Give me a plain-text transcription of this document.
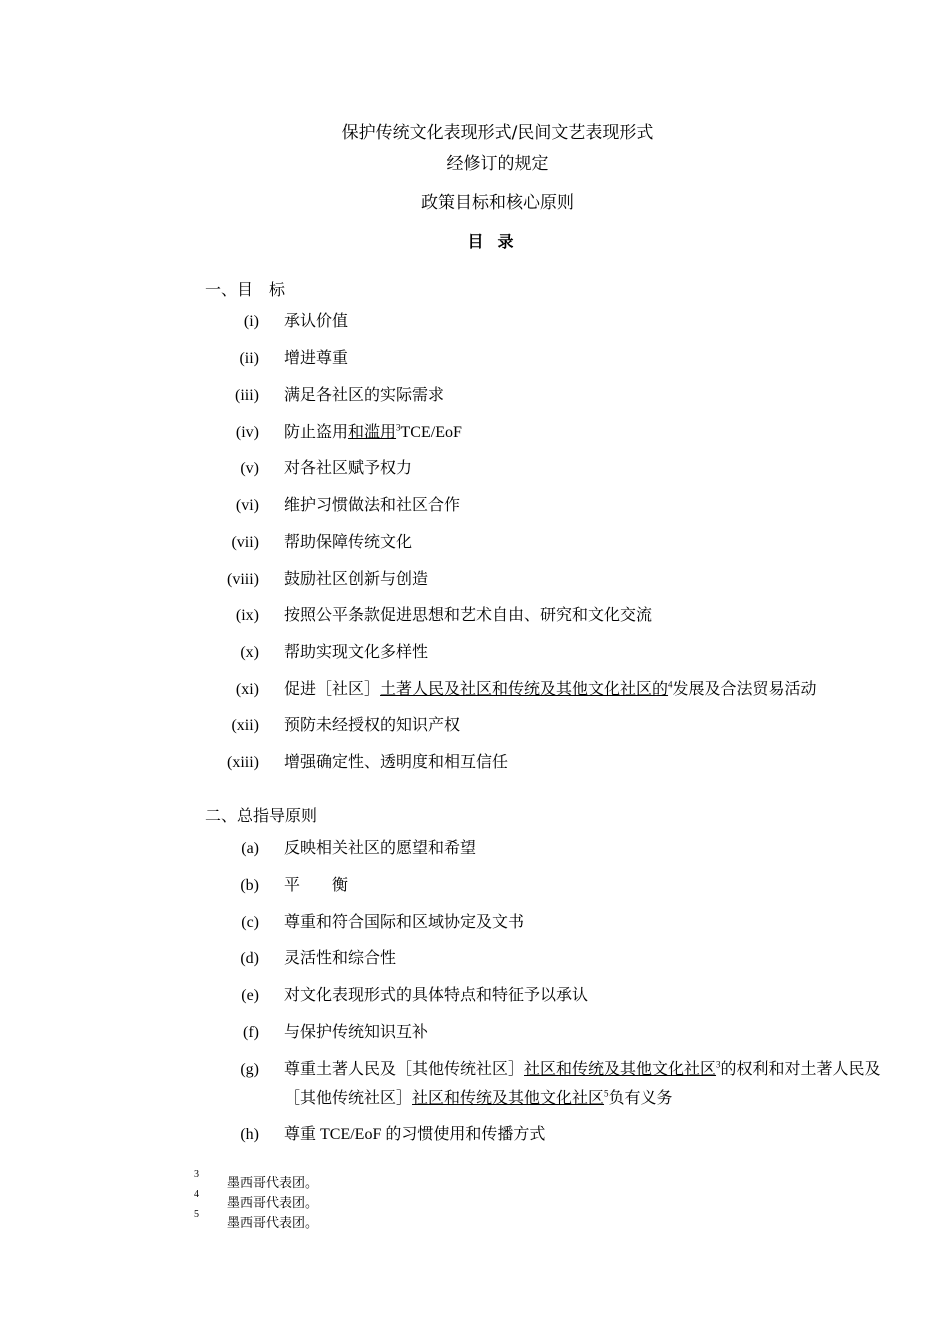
保护传统文化表现形式/民间文艺表现形式
经修订的规定
政策目标和核心原则
目录
一、目　标
(i) 承认价值
(ii) 增进尊重
(iii) 满足各社区的实际需求
(iv) 防止盗用和滥用$^3$TCE/EoF
(v) 对各社区赋予权力
(vi) 维护习惯做法和社区合作
(vii) 帮助保障传统文化
(viii) 鼓励社区创新与创造
(ix) 按照公平条款促进思想和艺术自由、研究和文化交流
(x) 帮助实现文化多样性
(xi) 促进［社区］土著人民及社区和传统及其他文化社区的$^4$发展及合法贸易活动
(xii) 预防未经授权的知识产权
(xiii) 增强确定性、透明度和相互信任
二、总指导原则
(a) 反映相关社区的愿望和希望
(b) 平　　衡
(c) 尊重和符合国际和区域协定及文书
(d) 灵活性和综合性
(e) 对文化表现形式的具体特点和特征予以承认
(f) 与保护传统知识互补
(g) 尊重土著人民及［其他传统社区］社区和传统及其他文化社区$^3$的权利和对土著人民及［其他传统社区］社区和传统及其他文化社区$^5$负有义务
(h) 尊重 TCE/EoF 的习惯使用和传播方式
3
墨西哥代表团。
4
墨西哥代表团。
5
墨西哥代表团。
